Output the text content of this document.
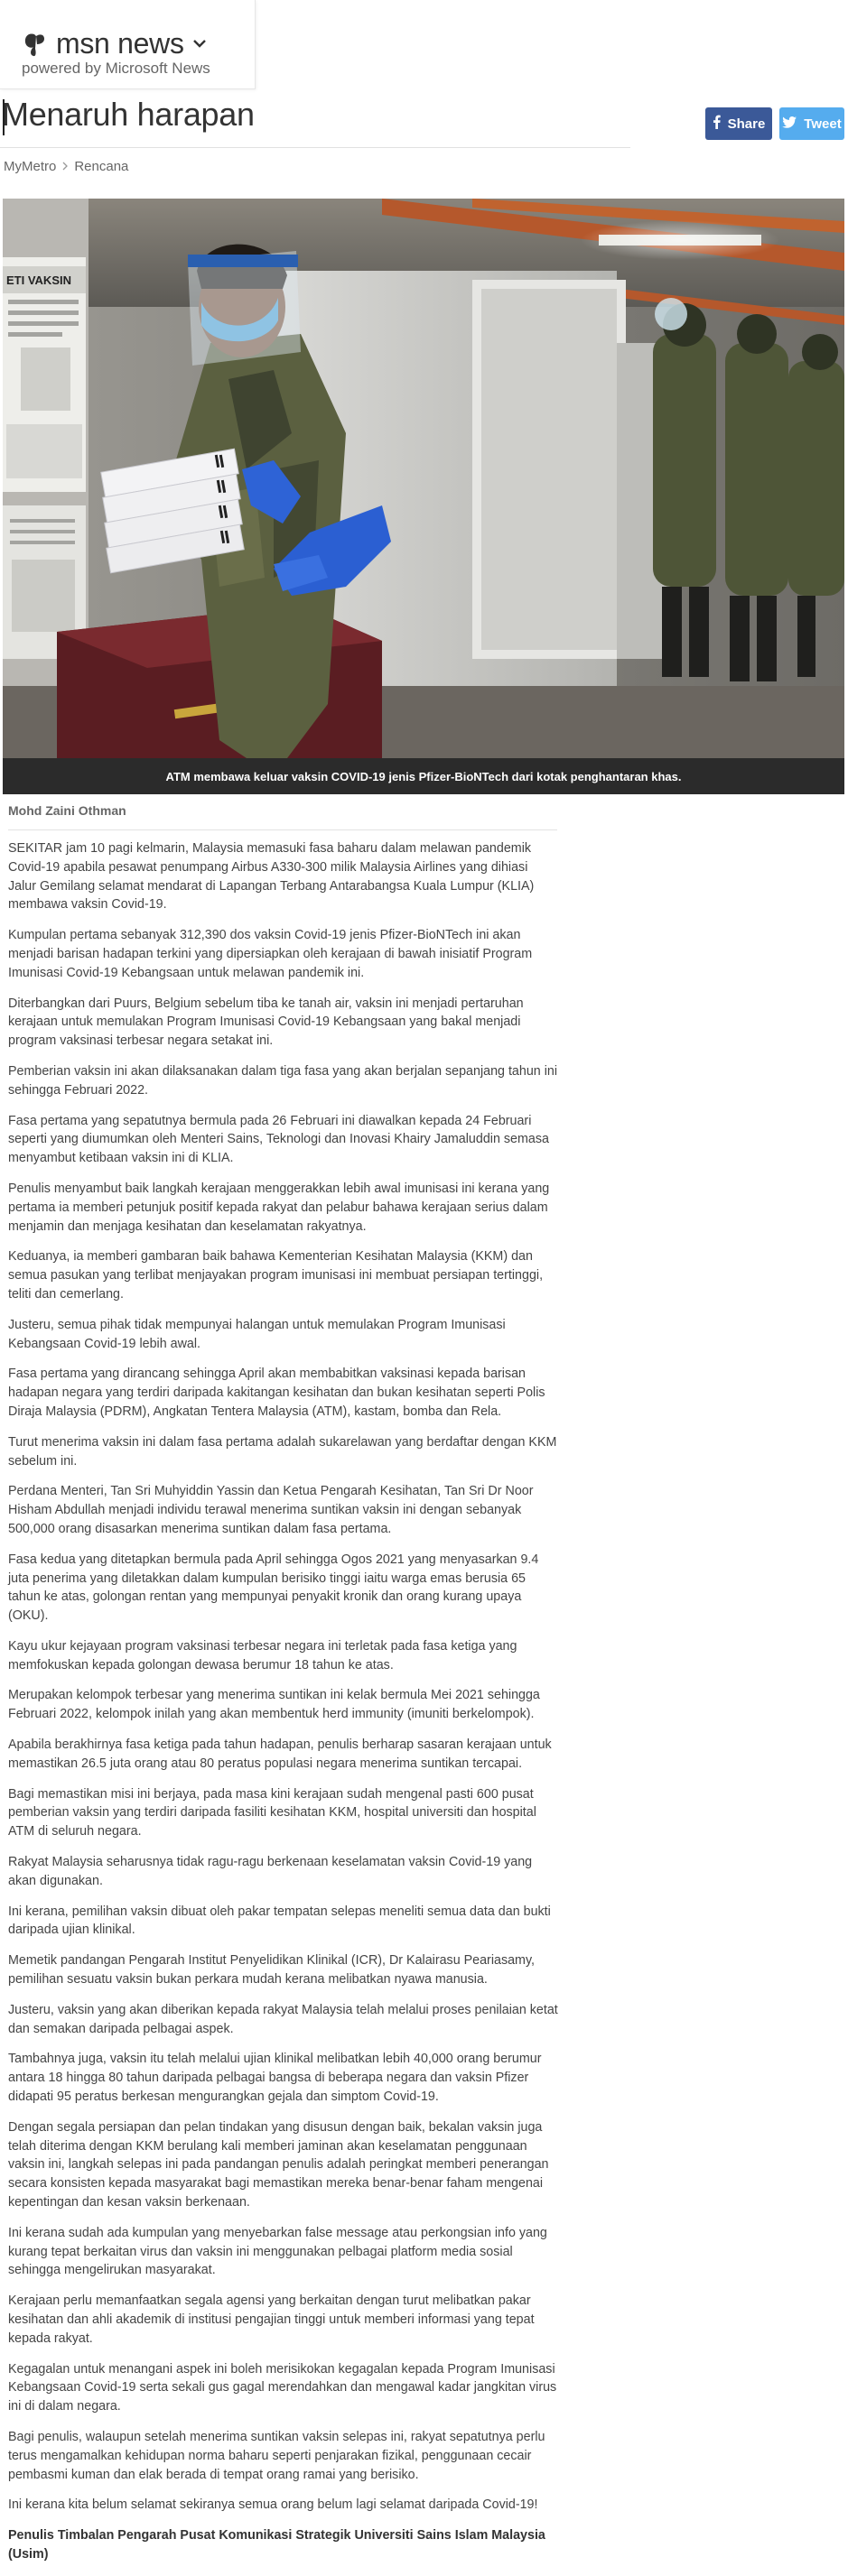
msn news
powered by Microsoft News
Menaruh harapan	Share	Tweet
MyMetro Rencana
ETI VAKSIN
ATM membawa keluar vaksin COVID-19 jenis Pfizer-BioNTech dari kotak penghantaran khas.
Mohd Zaini Othman

SEKITAR jam 10 pagi kelmarin, Malaysia memasuki fasa baharu dalam melawan pandemik Covid-19 apabila pesawat penumpang Airbus A330-300 milik Malaysia Airlines yang dihiasi Jalur Gemilang selamat mendarat di Lapangan Terbang Antarabangsa Kuala Lumpur (KLIA) membawa vaksin Covid-19.

Kumpulan pertama sebanyak 312,390 dos vaksin Covid-19 jenis Pfizer-BioNTech ini akan menjadi barisan hadapan terkini yang dipersiapkan oleh kerajaan di bawah inisiatif Program Imunisasi Covid-19 Kebangsaan untuk melawan pandemik ini.

Diterbangkan dari Puurs, Belgium sebelum tiba ke tanah air, vaksin ini menjadi pertaruhan kerajaan untuk memulakan Program Imunisasi Covid-19 Kebangsaan yang bakal menjadi program vaksinasi terbesar negara setakat ini.

Pemberian vaksin ini akan dilaksanakan dalam tiga fasa yang akan berjalan sepanjang tahun ini sehingga Februari 2022.

Fasa pertama yang sepatutnya bermula pada 26 Februari ini diawalkan kepada 24 Februari seperti yang diumumkan oleh Menteri Sains, Teknologi dan Inovasi Khairy Jamaluddin semasa menyambut ketibaan vaksin ini di KLIA.

Penulis menyambut baik langkah kerajaan menggerakkan lebih awal imunisasi ini kerana yang pertama ia memberi petunjuk positif kepada rakyat dan pelabur bahawa kerajaan serius dalam menjamin dan menjaga kesihatan dan keselamatan rakyatnya.

Keduanya, ia memberi gambaran baik bahawa Kementerian Kesihatan Malaysia (KKM) dan semua pasukan yang terlibat menjayakan program imunisasi ini membuat persiapan tertinggi, teliti dan cemerlang.

Justeru, semua pihak tidak mempunyai halangan untuk memulakan Program Imunisasi Kebangsaan Covid-19 lebih awal.

Fasa pertama yang dirancang sehingga April akan membabitkan vaksinasi kepada barisan hadapan negara yang terdiri daripada kakitangan kesihatan dan bukan kesihatan seperti Polis Diraja Malaysia (PDRM), Angkatan Tentera Malaysia (ATM), kastam, bomba dan Rela.

Turut menerima vaksin ini dalam fasa pertama adalah sukarelawan yang berdaftar dengan KKM sebelum ini.

Perdana Menteri, Tan Sri Muhyiddin Yassin dan Ketua Pengarah Kesihatan, Tan Sri Dr Noor Hisham Abdullah menjadi individu terawal menerima suntikan vaksin ini dengan sebanyak 500,000 orang disasarkan menerima suntikan dalam fasa pertama.

Fasa kedua yang ditetapkan bermula pada April sehingga Ogos 2021 yang menyasarkan 9.4 juta penerima yang diletakkan dalam kumpulan berisiko tinggi iaitu warga emas berusia 65 tahun ke atas, golongan rentan yang mempunyai penyakit kronik dan orang kurang upaya (OKU).

Kayu ukur kejayaan program vaksinasi terbesar negara ini terletak pada fasa ketiga yang memfokuskan kepada golongan dewasa berumur 18 tahun ke atas.

Merupakan kelompok terbesar yang menerima suntikan ini kelak bermula Mei 2021 sehingga Februari 2022, kelompok inilah yang akan membentuk herd immunity (imuniti berkelompok).

Apabila berakhirnya fasa ketiga pada tahun hadapan, penulis berharap sasaran kerajaan untuk memastikan 26.5 juta orang atau 80 peratus populasi negara menerima suntikan tercapai.

Bagi memastikan misi ini berjaya, pada masa kini kerajaan sudah mengenal pasti 600 pusat pemberian vaksin yang terdiri daripada fasiliti kesihatan KKM, hospital universiti dan hospital ATM di seluruh negara.

Rakyat Malaysia seharusnya tidak ragu-ragu berkenaan keselamatan vaksin Covid-19 yang akan digunakan.

Ini kerana, pemilihan vaksin dibuat oleh pakar tempatan selepas meneliti semua data dan bukti daripada ujian klinikal.

Memetik pandangan Pengarah Institut Penyelidikan Klinikal (ICR), Dr Kalairasu Peariasamy, pemilihan sesuatu vaksin bukan perkara mudah kerana melibatkan nyawa manusia.

Justeru, vaksin yang akan diberikan kepada rakyat Malaysia telah melalui proses penilaian ketat dan semakan daripada pelbagai aspek.

Tambahnya juga, vaksin itu telah melalui ujian klinikal melibatkan lebih 40,000 orang berumur antara 18 hingga 80 tahun daripada pelbagai bangsa di beberapa negara dan vaksin Pfizer didapati 95 peratus berkesan mengurangkan gejala dan simptom Covid-19.

Dengan segala persiapan dan pelan tindakan yang disusun dengan baik, bekalan vaksin juga telah diterima dengan KKM berulang kali memberi jaminan akan keselamatan penggunaan vaksin ini, langkah selepas ini pada pandangan penulis adalah peringkat memberi penerangan secara konsisten kepada masyarakat bagi memastikan mereka benar-benar faham mengenai kepentingan dan kesan vaksin berkenaan.

Ini kerana sudah ada kumpulan yang menyebarkan false message atau perkongsian info yang kurang tepat berkaitan virus dan vaksin ini menggunakan pelbagai platform media sosial sehingga mengelirukan masyarakat.

Kerajaan perlu memanfaatkan segala agensi yang berkaitan dengan turut melibatkan pakar kesihatan dan ahli akademik di institusi pengajian tinggi untuk memberi informasi yang tepat kepada rakyat.

Kegagalan untuk menangani aspek ini boleh merisikokan kegagalan kepada Program Imunisasi Kebangsaan Covid-19 serta sekali gus gagal merendahkan dan mengawal kadar jangkitan virus ini di dalam negara.

Bagi penulis, walaupun setelah menerima suntikan vaksin selepas ini, rakyat sepatutnya perlu terus mengamalkan kehidupan norma baharu seperti penjarakan fizikal, penggunaan cecair pembasmi kuman dan elak berada di tempat orang ramai yang berisiko.

Ini kerana kita belum selamat sekiranya semua orang belum lagi selamat daripada Covid-19!

Penulis Timbalan Pengarah Pusat Komunikasi Strategik Universiti Sains Islam Malaysia (Usim)
